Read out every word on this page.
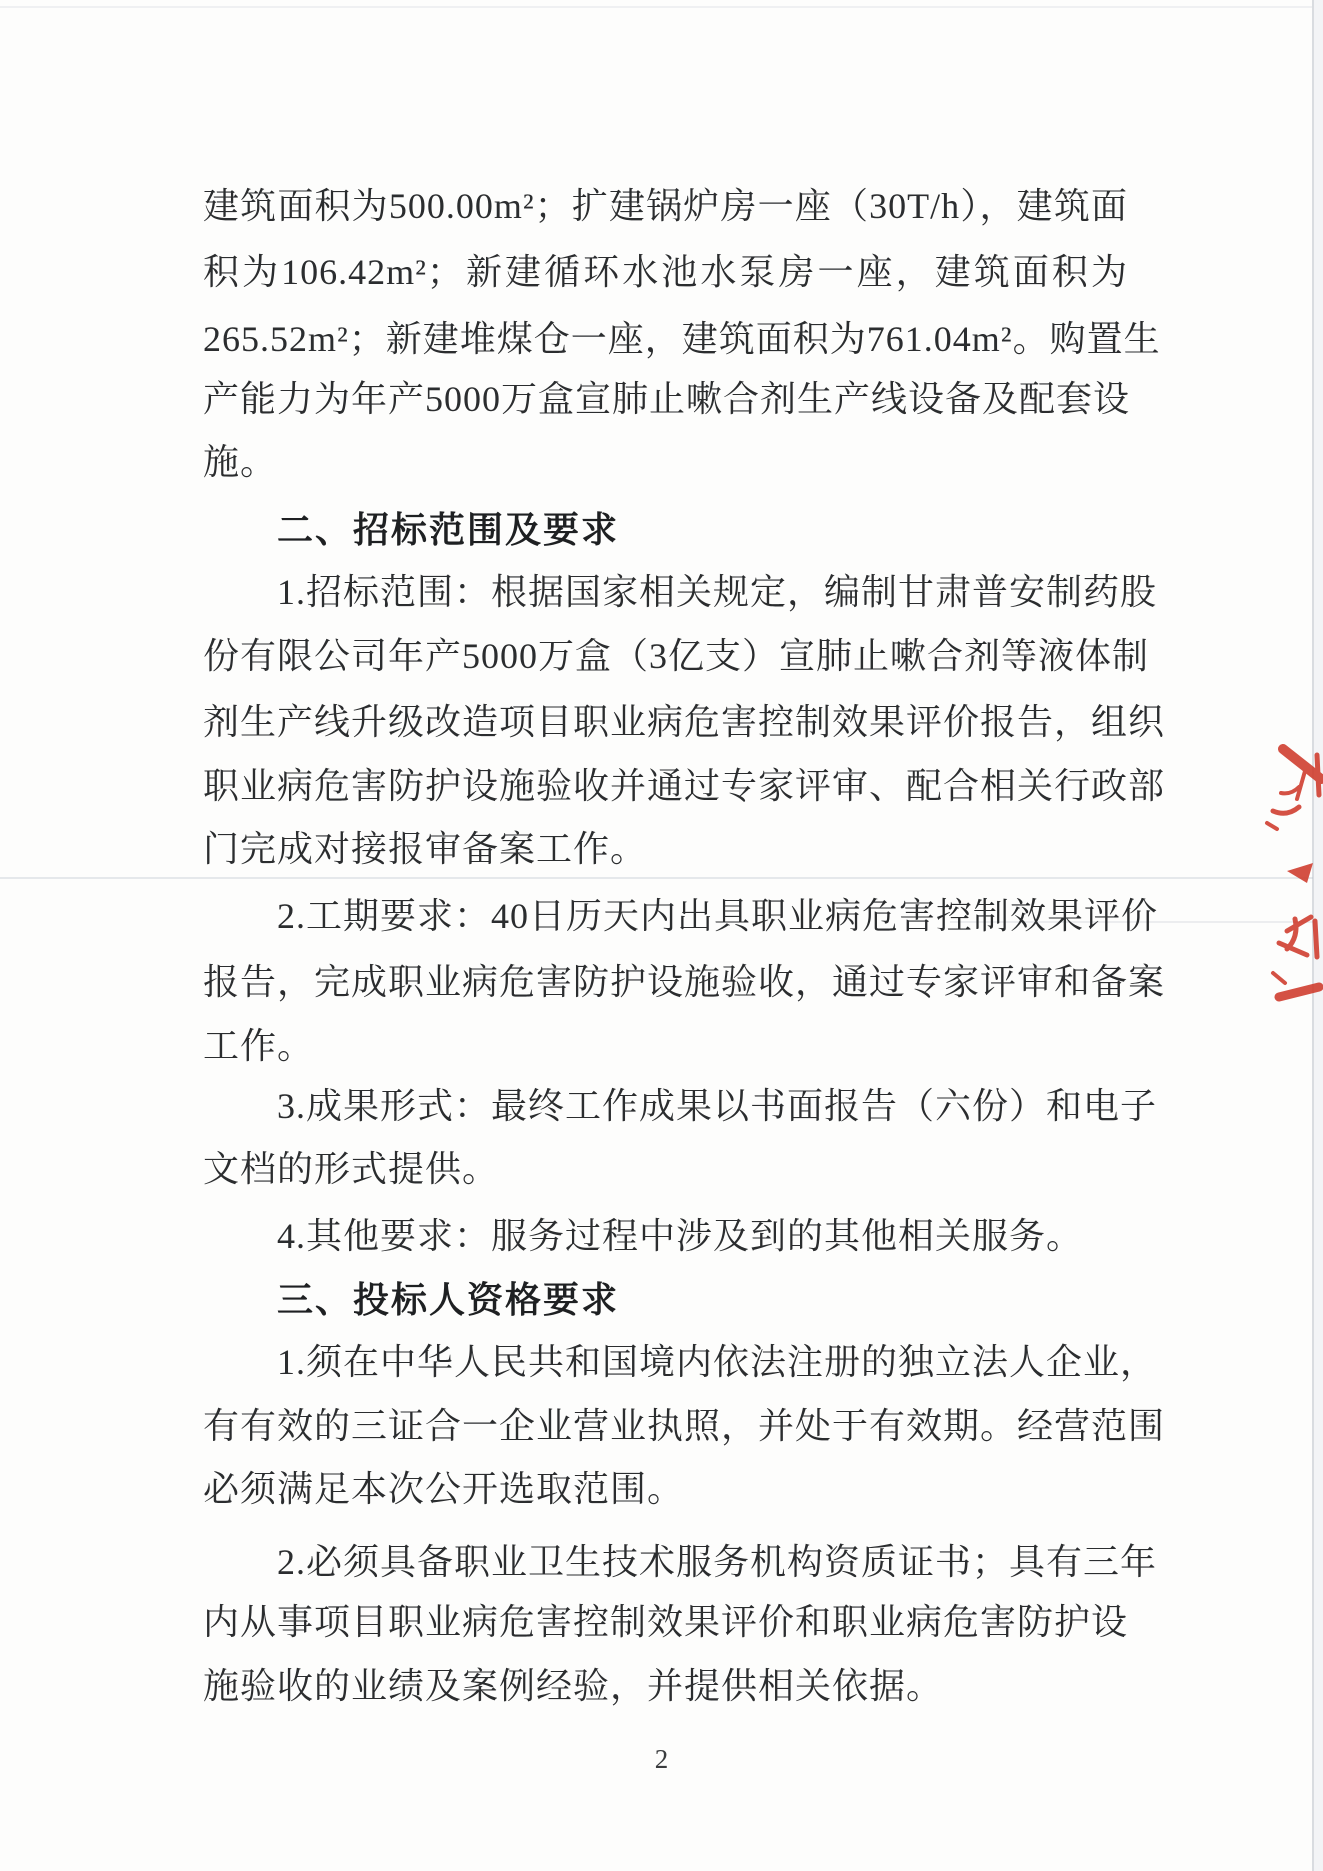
建筑面积为500.00m²；扩建锅炉房一座（30T/h），建筑面
积为106.42m²；新建循环水池水泵房一座，建筑面积为
265.52m²；新建堆煤仓一座，建筑面积为761.04m²。购置生
产能力为年产5000万盒宣肺止嗽合剂生产线设备及配套设
施。
二、招标范围及要求
1.招标范围：根据国家相关规定，编制甘肃普安制药股
份有限公司年产5000万盒（3亿支）宣肺止嗽合剂等液体制
剂生产线升级改造项目职业病危害控制效果评价报告，组织
职业病危害防护设施验收并通过专家评审、配合相关行政部
门完成对接报审备案工作。
2.工期要求：40日历天内出具职业病危害控制效果评价
报告，完成职业病危害防护设施验收，通过专家评审和备案
工作。
3.成果形式：最终工作成果以书面报告（六份）和电子
文档的形式提供。
4.其他要求：服务过程中涉及到的其他相关服务。
三、投标人资格要求
1.须在中华人民共和国境内依法注册的独立法人企业，
有有效的三证合一企业营业执照，并处于有效期。经营范围
必须满足本次公开选取范围。
2.必须具备职业卫生技术服务机构资质证书；具有三年
内从事项目职业病危害控制效果评价和职业病危害防护设
施验收的业绩及案例经验，并提供相关依据。
2
